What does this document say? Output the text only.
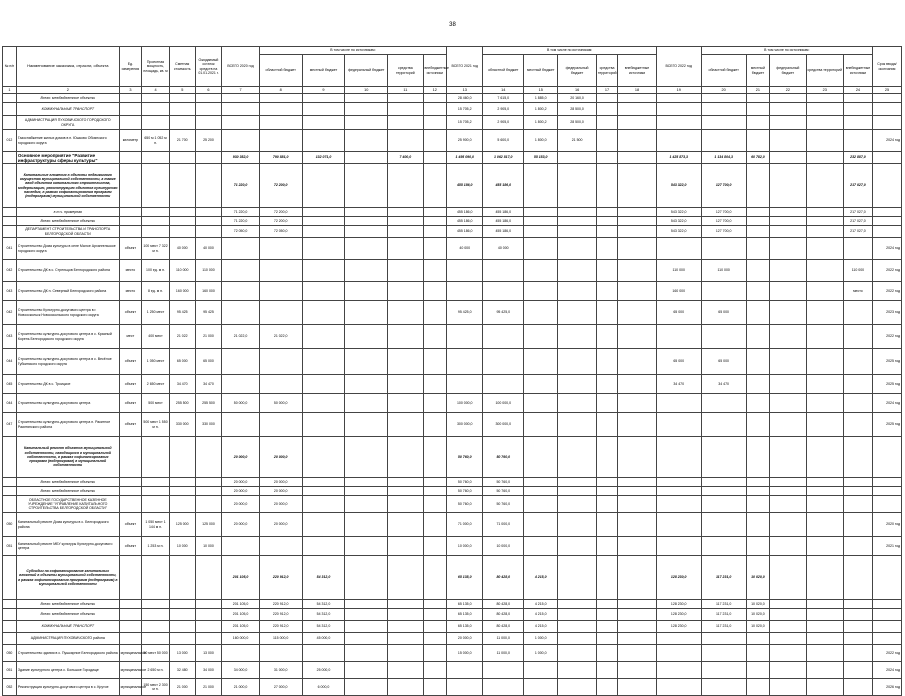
38
№ п/п	Наименование заказчика, отрасли, объекта	Ед. измерения	Проектная мощность, площадь, кв. м	Сметная стоимость	Ожидаемый остаток средств на 01.01.2021 г.	ВСЕГО 2020 год	В том числе по источникам:					ВСЕГО 2021 год	В том числе по источникам:					ВСЕГО 2022 год	В том числе по источникам:					Срок ввода/ окончания
							областной бюджет	местный бюджет	федеральный бюджет	средства территорий	внебюджетные источники		областной бюджет	местный бюджет	федеральный бюджет	средства территорий	внебюджетные источники		областной бюджет	местный бюджет	федеральный бюджет	средства территорий	внебюджетные источники	
1	2	3	4	5	6	7	8	9	10	11	12	13	14	15	16	17	18	19	20	21	22	23	24	25
	Всего: межбюджетные объекты											28 460,0	7 615,0	1 885,0	20 160,0									
	КОММУНАЛЬНЫЕ ТРАНСПОРТ											15 705,2	2 905,0	1 800,2	28 500,0									
	АДМИНИСТРАЦИЯ ПУХОВИЧСКОГО ГОРОДСКОГО ОКРУГА											15 705,2	2 905,0	1 800,2	28 500,0									
012	Газоснабжение жилых домов в п. Юшково Обоянского городского округа	километр	650 м 1 052 м п.	21 700	25 200							25 900,0	5 600,0	1 800,0	21 500									2024 год
	Основное мероприятие "Развитие инфраструктуры сферы культуры"					930 352,0	790 881,0	132 071,0		7 400,0		1 495 090,0	1 062 817,0	55 153,0				1 425 873,3	1 134 804,3	60 782,0			232 887,0	
	Капитальные вложения в объекты недвижимого имущества муниципальной собственности, а также ввод объектов капитального строительства, модернизацию, реконструкцию объектов культурного наследия, в рамках софинансирования программ (подпрограмм) муниципальной собственности					71 220,0	72 200,0					455 186,0	455 186,0					543 322,0	127 700,0				217 027,0	
	в т.ч. примерная					71 220,0	72 200,0					455 186,0	455 186,0					543 322,0	127 700,0				217 027,0	
	Всего: межбюджетные объекты					71 220,0	72 200,0					455 186,0	455 186,0					543 322,0	127 700,0				217 027,0	
	ДЕПАРТАМЕНТ СТРОИТЕЛЬСТВА И ТРАНСПОРТА БЕЛГОРОДСКОЙ ОБЛАСТИ					72 050,0	72 050,0					455 186,0	455 186,0					543 322,0	127 700,0				217 027,0	
041	Строительство Дома культуры в селе Малое Архангельское городского округа	объект	100 мест 7 322 м п.	40 000	40 000							40 000	40 000											2024 год
042	Строительство ДК в с. Стрельцов Белгородского района	место	100 ед. м п.	110 000	110 000													110 000	110 000				110 000	2022 год
043	Строительство ДК п. Северный Белгородского района	место	8 ед. м п.	160 000	160 000													160 000					место	2022 год
042	Строительство Культурно-досугового центра в г. Новооскольск Новооскольского городского округа	объект	1 250 мест	95 425	95 425							95 425,0	95 425,0					65 000	65 000					2023 год
043	Строительство культурно-досугового центра в с. Красный Корень Белгородского городского округа	мест	400 мест	21 022	21 000	21 022,0	21 022,0																	2022 год
044	Строительство культурно-досугового центра в с. Весёлое Губкинского городского округа	объект	1 050 мест	65 000	65 000													65 000	65 000					2025 год
045	Строительство ДК в с. Троицкое	объект	2 650 мест	34 470	34 470													34 470	34 470					2025 год
044	Строительство культурно-досугового центра	объект	500 мест	255 500	255 500	50 000,0	50 000,0					100 000,0	100 000,0											2024 год
047	Строительство культурно-досугового центра п. Ракитное Ракитянского района	объект	500 мест 1 550 м п.	330 000	330 000							300 000,0	300 000,0											2025 год
	Капитальный ремонт объектов муниципальной собственности, находящихся в муниципальной собственности, в рамках софинансирования программ (подпрограмм) в муниципальной собственности					20 000,0	20 000,0					50 760,0	50 760,0											
	Всего: межбюджетные объекты					20 000,0	20 000,0					50 760,0	50 760,0											
	Всего: межбюджетные объекты					20 000,0	20 000,0					50 760,0	50 760,0											
	ОБЛАСТНОЕ ГОСУДАРСТВЕННОЕ КАЗЕННОЕ УЧРЕЖДЕНИЕ "УПРАВЛЕНИЕ КАПИТАЛЬНОГО СТРОИТЕЛЬСТВА БЕЛГОРОДСКОЙ ОБЛАСТИ"					20 000,0	20 000,0					50 760,0	50 760,0											
050	Капитальный ремонт Дома культуры в с. Белгородского района	объект	1 050 мест 1 144 м п.	125 000	125 000	20 000,0	20 000,0					71 000,0	71 000,0											2020 год
051	Капитальный ремонт МБУ культуры Культурно-досугового центра	объект	1 253 м п.	10 000	10 000							10 000,0	10 000,0											2021 год
	Субсидии на софинансирование капитальных вложений в объекты муниципальной собственности, в рамках софинансирования программ (подпрограмм) в муниципальной собственности					201 105,0	220 912,0	54 312,0				65 135,0	80 428,0	4 215,0				128 230,0	117 231,0	10 020,0				
	Всего: межбюджетные объекты					201 105,0	220 912,0	54 312,0				65 135,0	80 428,0	4 215,0				128 230,0	117 231,0	10 020,0				
	Всего: межбюджетные объекты					201 105,0	220 912,0	54 312,0				65 135,0	80 428,0	4 215,0				128 230,0	117 231,0	10 020,0				
	КОММУНАЛЬНЫЕ ТРАНСПОРТ					201 105,0	220 912,0	54 312,0				65 135,0	80 428,0	4 215,0				128 230,0	117 231,0	10 020,0				
	АДМИНИСТРАЦИЯ ПУХОВИЧСКОГО района					160 000,0	115 000,0	45 000,0				20 000,0	11 000,0	1 000,0										
050	Строительство здания в с. Пушкарное Белгородского района	муниципальное	50 мест 50 000	13 000	13 000							15 000,0	11 000,0	1 000,0										2022 год
051	Здание культурного центра с. Большое Городище	муниципальное	2 650 м п.	32 480	34 000	34 000,0	31 000,0	25 000,0																2024 год
052	Реконструкция культурно-досугового центра в с. Крутое	муниципальное	150 мест 2 300 м п.	21 000	21 000	21 000,0	27 000,0	6 000,0																2026 год
